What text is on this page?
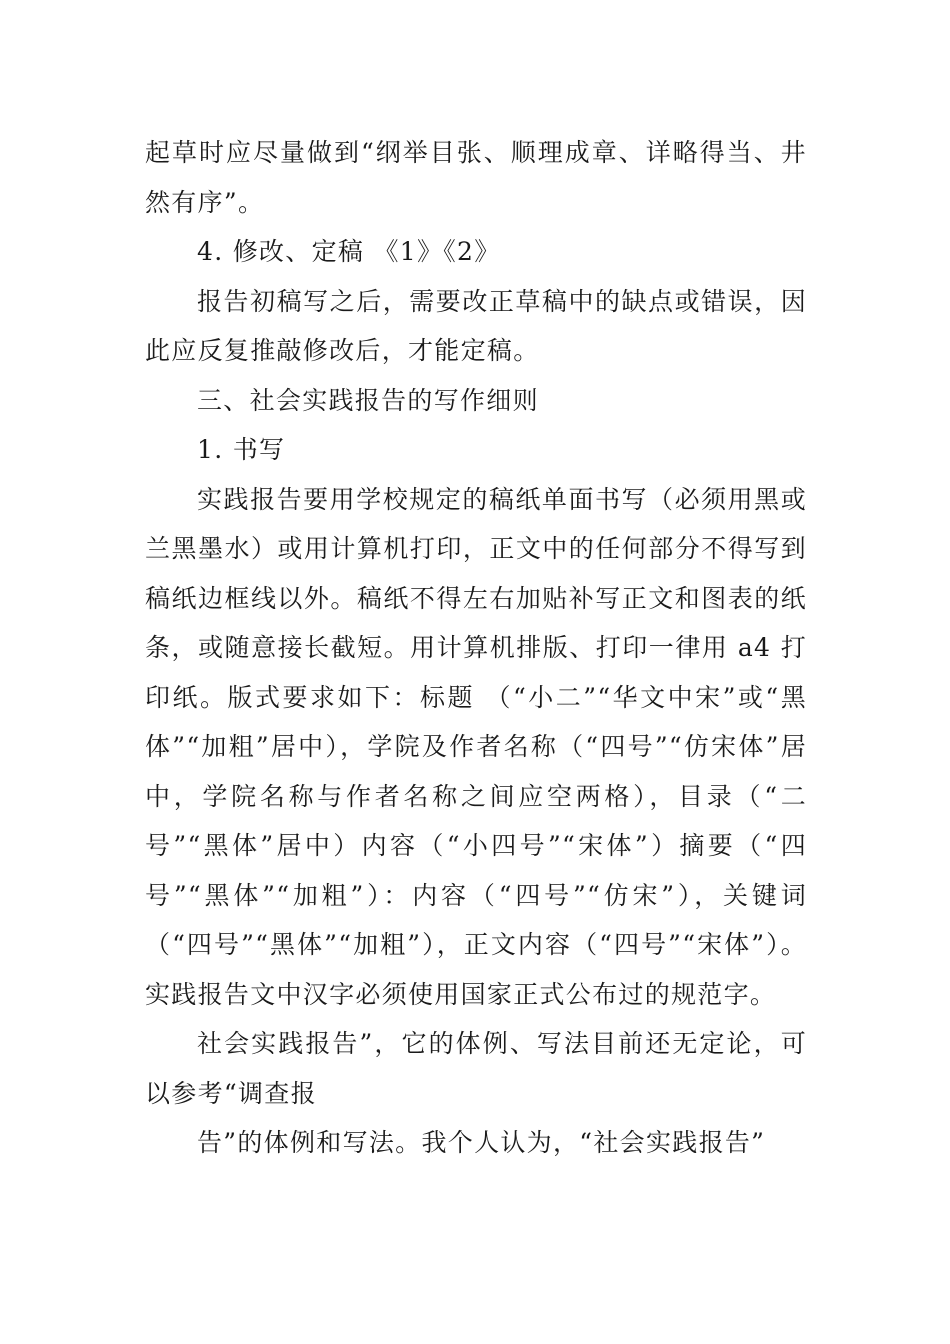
起草时应尽量做到“纲举目张、顺理成章、详略得当、井然有序”。

4. 修改、定稿 《1》《2》

报告初稿写之后，需要改正草稿中的缺点或错误，因此应反复推敲修改后，才能定稿。

三、社会实践报告的写作细则

1. 书写

实践报告要用学校规定的稿纸单面书写（必须用黑或兰黑墨水）或用计算机打印，正文中的任何部分不得写到稿纸边框线以外。稿纸不得左右加贴补写正文和图表的纸条，或随意接长截短。用计算机排版、打印一律用 a4 打印纸。版式要求如下：标题 （“小二”“华文中宋”或“黑体”“加粗”居中），学院及作者名称（“四号”“仿宋体”居中，学院名称与作者名称之间应空两格），目录（“二号”“黑体”居中）内容（“小四号”“宋体”）摘要（“四号”“黑体”“加粗”）：内容（“四号”“仿宋”），关键词（“四号”“黑体”“加粗”），正文内容（“四号”“宋体”）。实践报告文中汉字必须使用国家正式公布过的规范字。

社会实践报告”，它的体例、写法目前还无定论，可以参考“调查报

告”的体例和写法。我个人认为，“社会实践报告”
